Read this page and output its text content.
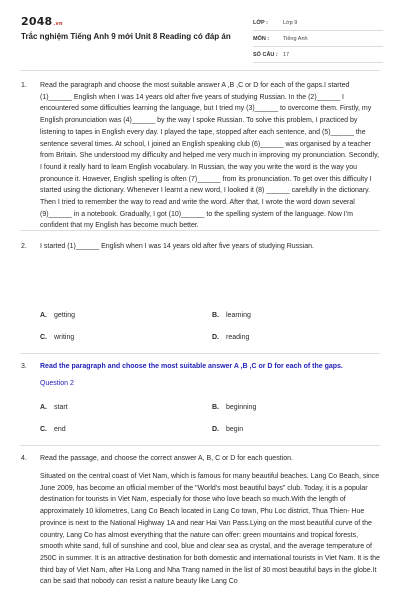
2048.vn
Trắc nghiệm Tiếng Anh 9 mới Unit 8 Reading có đáp án
LỚP :	Lớp 9
MÔN :	Tiếng Anh
SỐ CÂU : 17
1. Read the paragraph and choose the most suitable answer A ,B ,C or D for each of the gaps.I started (1)______ English when I was 14 years old after five years of studying Russian. In the (2)______ I encountered some difficulties learning the language, but I tried my (3)______ to overcome them. Firstly, my English pronunciation was (4)______ by the way I spoke Russian. To solve this problem, I practiced by listening to tapes in English every day. I played the tape, stopped after each sentence, and (5)______ the sentence several times. At school, I joined an English speaking club (6)______ was organised by a teacher from Britain. She understood my difficulty and helped me very much in improving my pronunciation. Secondly, I found it really hard to learn English vocabulary. In Russian, the way you write the word is the way you pronounce it. However, English spelling is often (7)______ from its pronunciation. To get over this difficulty I started using the dictionary. Whenever I learnt a new word, I looked it (8) ______ carefully in the dictionary. Then I tried to remember the way to read and write the word. After that, I wrote the word down several (9)______ in a notebook. Gradually, I got (10)______ to the spelling system of the language. Now I'm confident that my English has become much better.
2. I started (1)______ English when I was 14 years old after five years of studying Russian.
A. getting	B. learning
C. writing	D. reading
3. Read the paragraph and choose the most suitable answer A ,B ,C or D for each of the gaps.
Question 2
A. start	B. beginning
C. end	D. begin
4. Read the passage, and choose the correct answer A, B, C or D for each question.
Situated on the central coast of Viet Nam, which is famous for many beautiful beaches. Lang Co Beach, since June 2009, has become an official member of the "World's most beautiful bays" club. Today, it is a popular destination for tourists in Viet Nam, especially for those who love beach so much.With the length of approximately 10 kilometres, Lang Co Beach located in Lang Co town, Phu Loc district, Thua Thien- Hue province is next to the National Highway 1A and near Hai Van Pass.Lying on the most beautiful curve of the country, Lang Co has almost everything that the nature can offer: green mountains and tropical forests, smooth white sand, full of sunshine and cool, blue and clear sea as crystal, and the average temperature of 250C in summer. It is an attractive destination for both domestic and international tourists in Viet Nam. It is the third bay of Viet Nam, after Ha Long and Nha Trang named in the list of 30 most beautiful bays in the globe.It can be said that nobody can resist a nature beauty like Lang Co
